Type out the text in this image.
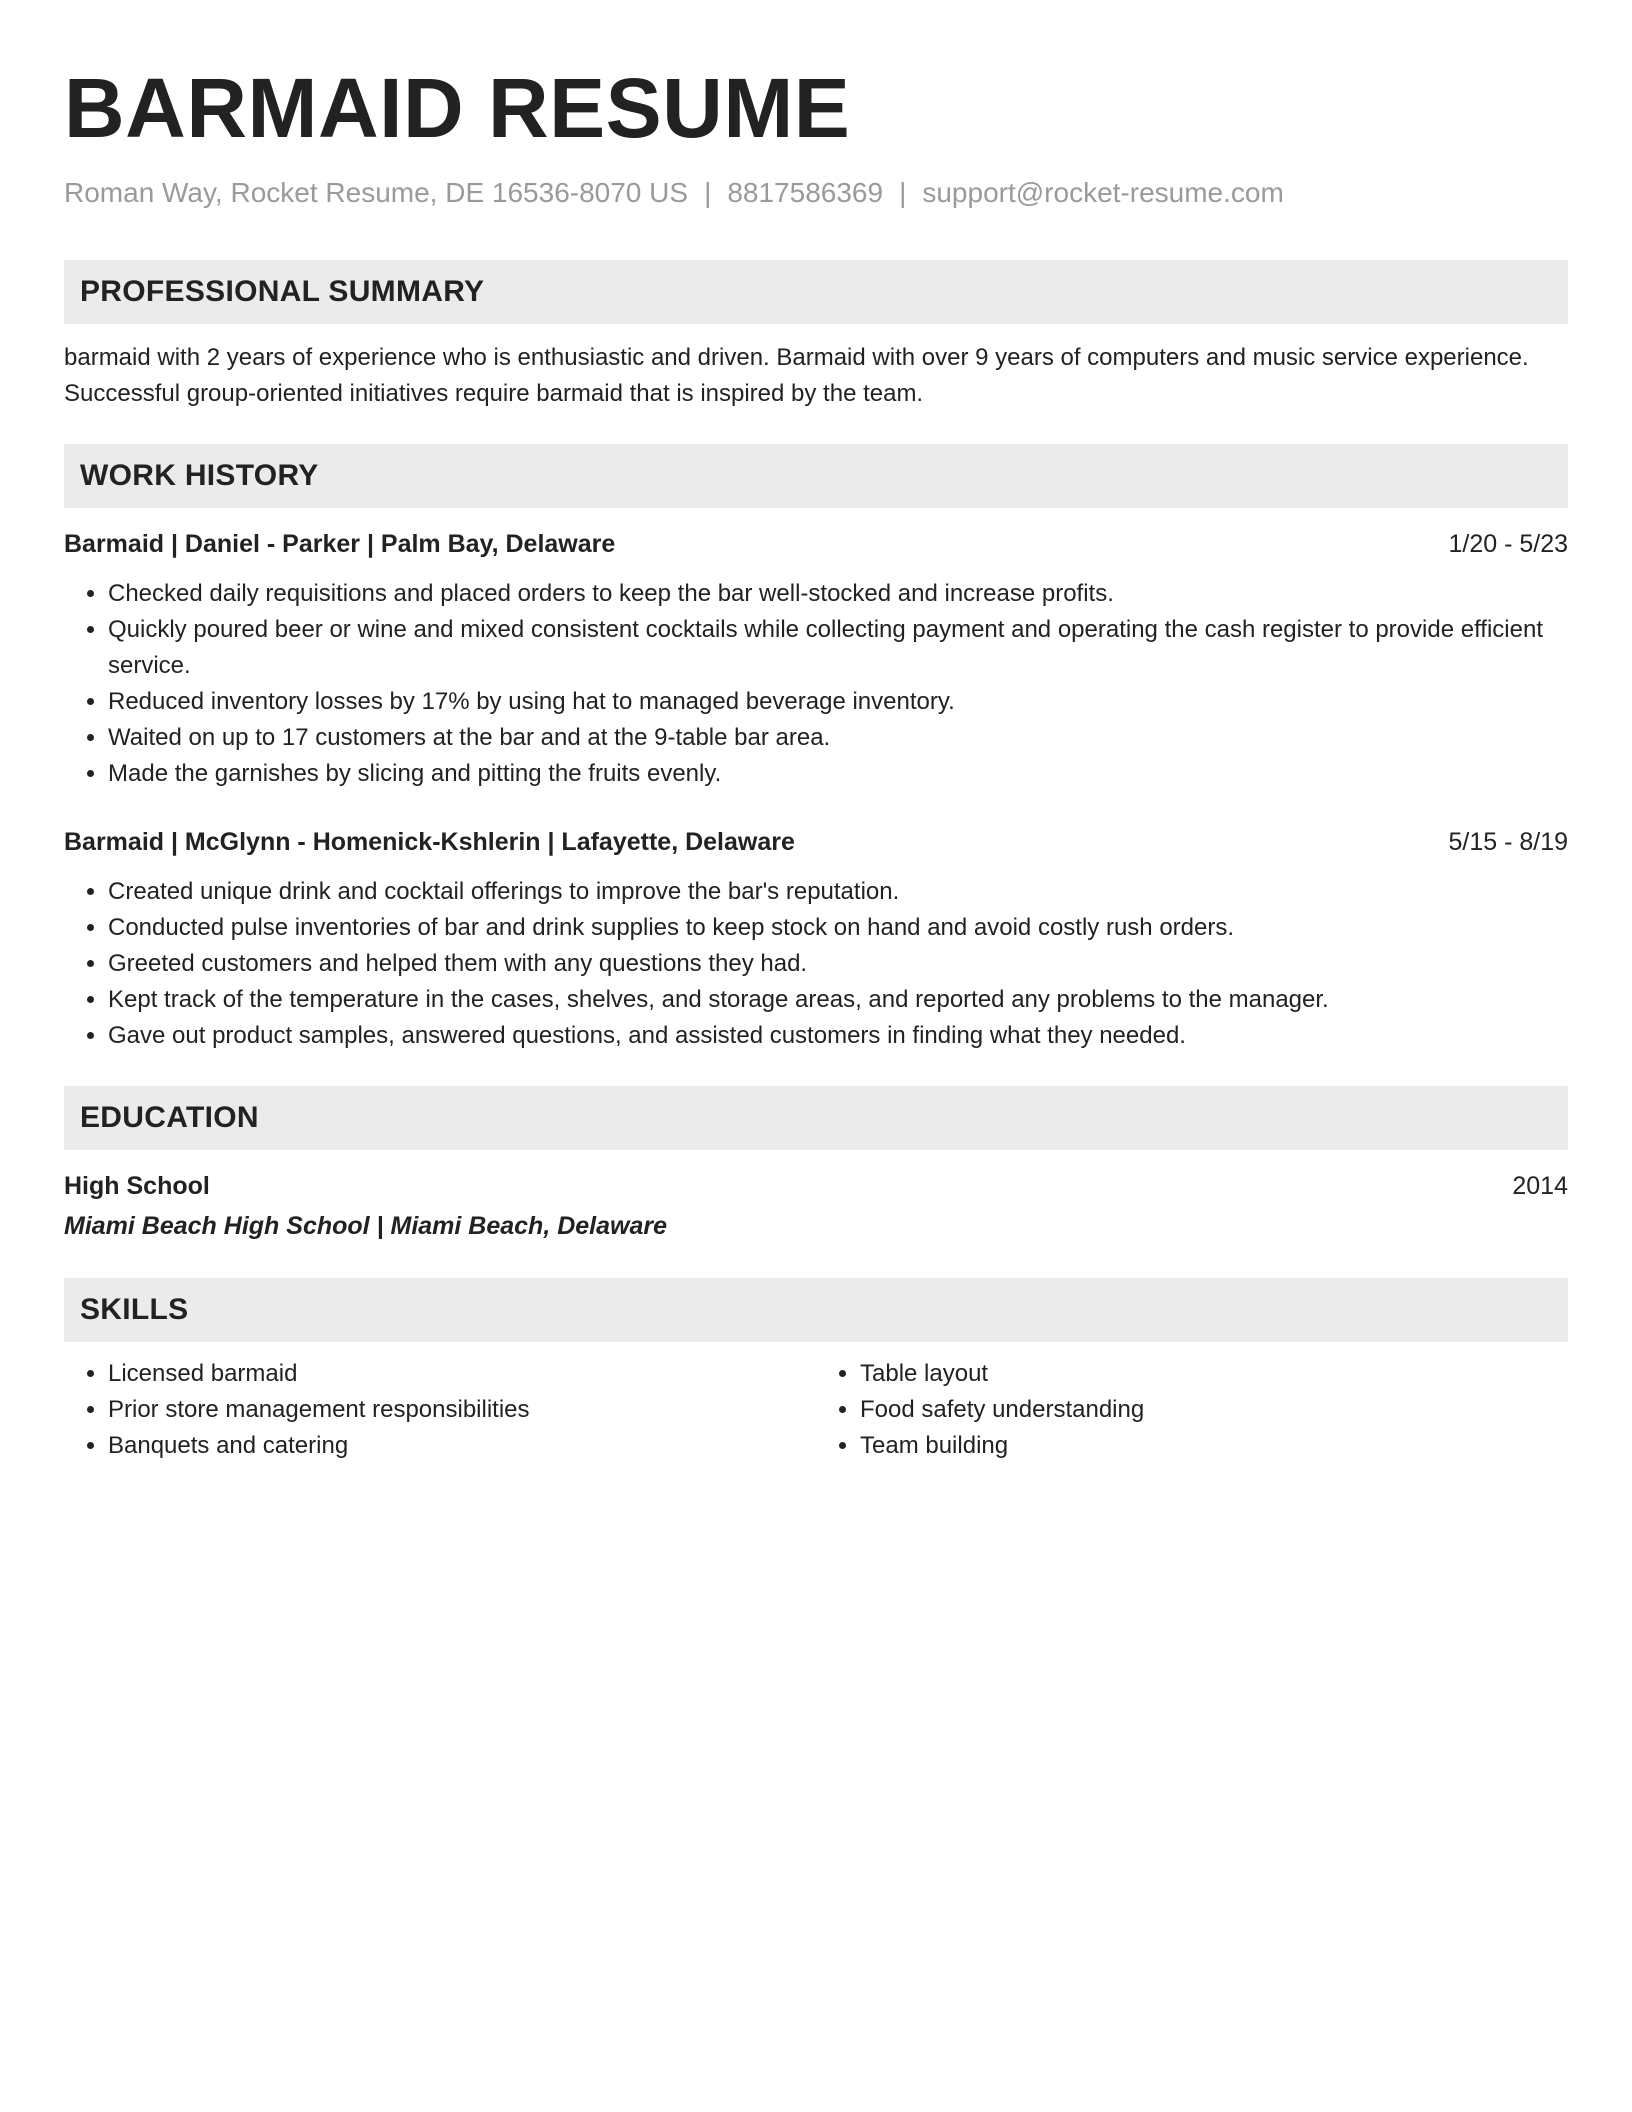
BARMAID RESUME
Roman Way, Rocket Resume, DE 16536-8070 US | 8817586369 | support@rocket-resume.com
PROFESSIONAL SUMMARY
barmaid with 2 years of experience who is enthusiastic and driven. Barmaid with over 9 years of computers and music service experience. Successful group-oriented initiatives require barmaid that is inspired by the team.
WORK HISTORY
Barmaid | Daniel - Parker | Palm Bay, Delaware	1/20 - 5/23
• Checked daily requisitions and placed orders to keep the bar well-stocked and increase profits.
• Quickly poured beer or wine and mixed consistent cocktails while collecting payment and operating the cash register to provide efficient service.
• Reduced inventory losses by 17% by using hat to managed beverage inventory.
• Waited on up to 17 customers at the bar and at the 9-table bar area.
• Made the garnishes by slicing and pitting the fruits evenly.
Barmaid | McGlynn - Homenick-Kshlerin | Lafayette, Delaware	5/15 - 8/19
• Created unique drink and cocktail offerings to improve the bar's reputation.
• Conducted pulse inventories of bar and drink supplies to keep stock on hand and avoid costly rush orders.
• Greeted customers and helped them with any questions they had.
• Kept track of the temperature in the cases, shelves, and storage areas, and reported any problems to the manager.
• Gave out product samples, answered questions, and assisted customers in finding what they needed.
EDUCATION
High School	2014
Miami Beach High School | Miami Beach, Delaware
SKILLS
• Licensed barmaid
• Prior store management responsibilities
• Banquets and catering
• Table layout
• Food safety understanding
• Team building
